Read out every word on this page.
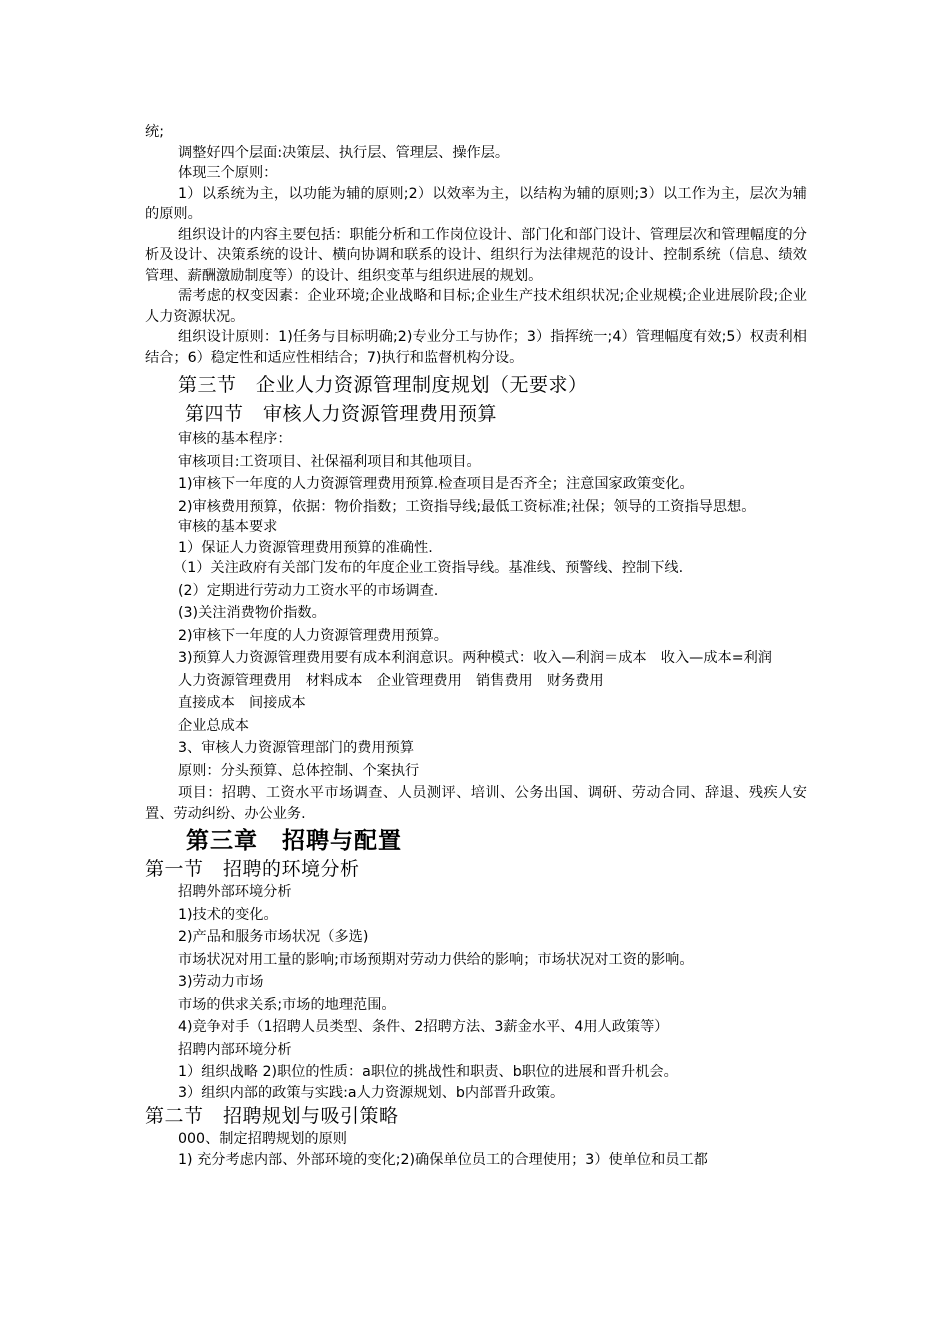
统;

调整好四个层面:决策层、执行层、管理层、操作层。

体现三个原则：

1）以系统为主，以功能为辅的原则;2）以效率为主，以结构为辅的原则;3）以工作为主，层次为辅的原则。

组织设计的内容主要包括：职能分析和工作岗位设计、部门化和部门设计、管理层次和管理幅度的分析及设计、决策系统的设计、横向协调和联系的设计、组织行为法律规范的设计、控制系统（信息、绩效管理、薪酬激励制度等）的设计、组织变革与组织进展的规划。

需考虑的权变因素：企业环境;企业战略和目标;企业生产技术组织状况;企业规模;企业进展阶段;企业人力资源状况。

组织设计原则：1)任务与目标明确;2)专业分工与协作；3）指挥统一;4）管理幅度有效;5）权责利相结合；6）稳定性和适应性相结合；7)执行和监督机构分设。

第三节　企业人力资源管理制度规划（无要求）

第四节　审核人力资源管理费用预算

审核的基本程序：

审核项目:工资项目、社保福利项目和其他项目。

1)审核下一年度的人力资源管理费用预算.检查项目是否齐全；注意国家政策变化。

2)审核费用预算，依据：物价指数；工资指导线;最低工资标准;社保；领导的工资指导思想。

审核的基本要求

1）保证人力资源管理费用预算的准确性.

（1）关注政府有关部门发布的年度企业工资指导线。基准线、预警线、控制下线.

(2）定期进行劳动力工资水平的市场调查.

(3)关注消费物价指数。

2)审核下一年度的人力资源管理费用预算。

3)预算人力资源管理费用要有成本利润意识。两种模式：收入—利润＝成本　收入—成本=利润

人力资源管理费用　材料成本　企业管理费用　销售费用　财务费用

直接成本　间接成本

企业总成本

3、审核人力资源管理部门的费用预算

原则：分头预算、总体控制、个案执行

项目：招聘、工资水平市场调查、人员测评、培训、公务出国、调研、劳动合同、辞退、残疾人安置、劳动纠纷、办公业务.

第三章　招聘与配置

第一节　招聘的环境分析

招聘外部环境分析

1)技术的变化。

2)产品和服务市场状况（多选)

市场状况对用工量的影响;市场预期对劳动力供给的影响；市场状况对工资的影响。

3)劳动力市场

市场的供求关系;市场的地理范围。

4)竞争对手（1招聘人员类型、条件、2招聘方法、3薪金水平、4用人政策等）

招聘内部环境分析

1）组织战略 2)职位的性质：a职位的挑战性和职责、b职位的进展和晋升机会。

3）组织内部的政策与实践:a人力资源规划、b内部晋升政策。

第二节　招聘规划与吸引策略

000、制定招聘规划的原则

1) 充分考虑内部、外部环境的变化;2)确保单位员工的合理使用；3）使单位和员工都
